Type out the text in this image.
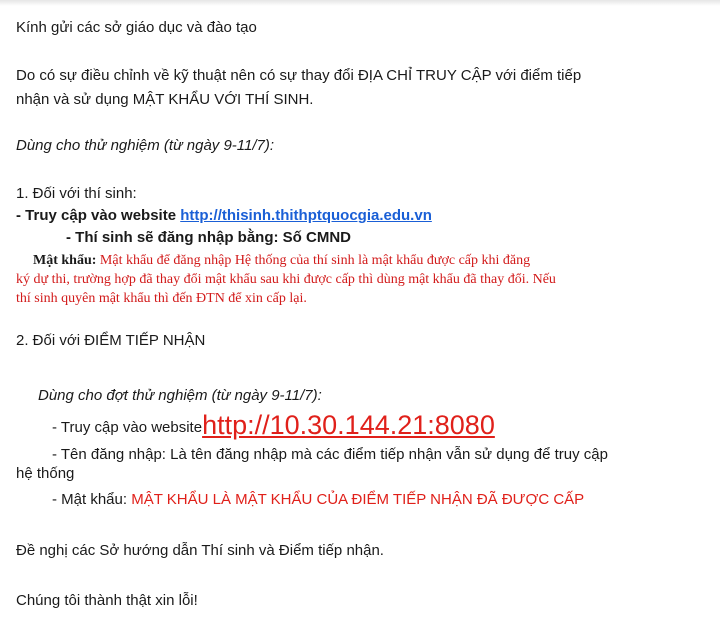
Kính gửi các sở giáo dục và đào tạo
Do có sự điều chỉnh về kỹ thuật nên có sự thay đổi ĐỊA CHỈ TRUY CẬP với điểm tiếp
nhận và sử dụng MẬT KHẨU VỚI THÍ SINH.
Dùng cho thử nghiệm (từ ngày 9-11/7):
1. Đối với thí sinh:
- Truy cập vào website http://thisinh.thithptquocgia.edu.vn
- Thí sinh sẽ đăng nhập bằng: Số CMND
Mật khẩu: Mật khẩu để đăng nhập Hệ thống của thí sinh là mật khẩu được cấp khi đăng
ký dự thi, trường hợp đã thay đổi mật khẩu sau khi được cấp thì dùng mật khẩu đã thay đổi. Nếu
thí sinh quyên mật khẩu thì đến ĐTN để xin cấp lại.
2. Đối với ĐIỂM TIẾP NHẬN
Dùng cho đợt thử nghiệm (từ ngày 9-11/7):
- Truy cập vào websitehttp://10.30.144.21:8080
- Tên đăng nhập: Là tên đăng nhập mà các điểm tiếp nhận vẫn sử dụng để truy cập
hệ thống
- Mật khẩu: MẬT KHẨU LÀ MẬT KHẨU CỦA ĐIỂM TIẾP NHẬN ĐÃ ĐƯỢC CẤP
Đề nghị các Sở hướng dẫn Thí sinh và Điểm tiếp nhận.
Chúng tôi thành thật xin lỗi!
